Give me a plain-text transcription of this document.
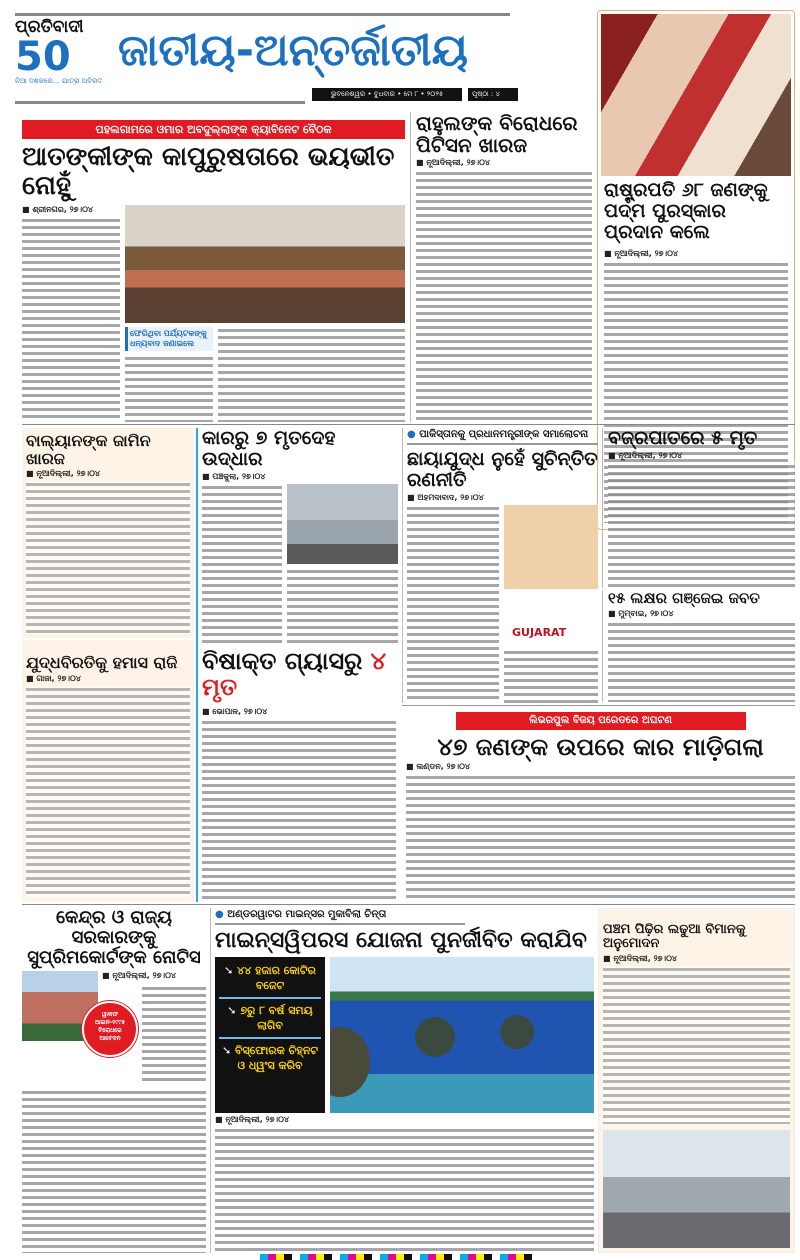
ପ୍ରତିବାଦୀ
50
ନିଆ ଦଶକରେ... ଯାତ୍ରା ଅବିରତ
ଜାତୀୟ-ଅନ୍ତର୍ଜାତୀୟ
ଭୁବନେଶ୍ୱର • ବୁଧବାର • ମେ ୮ • ୨୦୨୫	ପୃଷ୍ଠା : ୪
ରାଷ୍ଟ୍ରପତି ୬୮ ଜଣଙ୍କୁ ପଦ୍ମ ପୁରସ୍କାର ପ୍ରଦାନ କଲେ
■ ନୂଆଦିଲ୍ଲୀ, ୨୭।୦୪
ପହଲଗାମରେ ଓମାର ଅବଦୁଲ୍ଲାଙ୍କ କ୍ୟାବିନେଟ ବୈଠକ
ଆତଙ୍କୀଙ୍କ କାପୁରୁଷତାରେ ଭୟଭୀତ ନୋହୁଁ
■ ଶ୍ରୀନଗର, ୨୭।୦୪
ଫେରିଥିବା ପର୍ଯ୍ୟଟକଙ୍କୁ ଧନ୍ୟବାଦ ଜଣାଇଲେ
ରାହୁଲଙ୍କ ବିରୋଧରେ ପିଟିସନ ଖାରଜ
■ ନୂଆଦିଲ୍ଲୀ, ୨୭।୦୪
ବାଲ୍ୟାନଙ୍କ ଜାମିନ ଖାରଜ
■ ନୂଆଦିଲ୍ଲୀ, ୨୭।୦୪
ଯୁଦ୍ଧବିରତିକୁ ହମାସ ରାଜି
■ ଗାଜା, ୨୭।୦୪
କାରରୁ ୭ ମୃତଦେହ ଉଦ୍ଧାର
■ ପଞ୍ଚକୁଲା, ୨୭।୦୪
ବିଷାକ୍ତ ଗ୍ୟାସରୁ ୪ ମୃତ
■ ଭୋପାଳ, ୨୭।୦୪
● ପାକିସ୍ତାନକୁ ପ୍ରଧାନମନ୍ତ୍ରୀଙ୍କ ସମାଲୋଚନା
ଛାୟାଯୁଦ୍ଧ ନୁହେଁ ସୁଚିନ୍ତିତ ରଣନୀତି
■ ଅହମଦାବାଦ, ୨୭।୦୪
GUJARAT
ବଜ୍ରପାତରେ ୫ ମୃତ
■ ନୂଆଦିଲ୍ଲୀ, ୨୭।୦୪
୧୫ ଲକ୍ଷର ଗଞ୍ଜେଇ ଜବତ
■ ମୁମ୍ବାଇ, ୨୭।୦୪
ଲିଭରପୁଲ ବିଜୟ ପରେଡରେ ଅଘଟଣ
୪୭ ଜଣଙ୍କ ଉପରେ କାର ମାଡ଼ିଗଲା
■ ଲଣ୍ଡନ, ୨୭।୦୪
କେନ୍ଦ୍ର ଓ ରାଜ୍ୟ ସରକାରଙ୍କୁ ସୁପ୍ରିମକୋର୍ଟଙ୍କ ନୋଟିସ
■ ନୂଆଦିଲ୍ଲୀ, ୨୭।୦୪
ୱାକଫ ଆଇନ-୧୯୯୫ ବିରୋଧରେ ଆବେଦନ
● ଅଣ୍ଡରୱାଟର ମାଇନ୍ସର ମୁକାବିଲା ଚିନ୍ତା
ମାଇନ୍ସୱିପରସ ଯୋଜନା ପୁନର୍ଜୀବିତ କରାଯିବ
➘ ୪୪ ହଜାର କୋଟିର ବଜେଟ
➘ ୭ରୁ ୮ ବର୍ଷ ସମୟ ଲାଗିବ
➘ ବିସ୍ଫୋରକ ଚିହ୍ନଟ ଓ ଧ୍ୱଂସ କରିବ
■ ନୂଆଦିଲ୍ଲୀ, ୨୭।୦୪
ପଞ୍ଚମ ପିଢ଼ିର ଲଢୁଆ ବିମାନକୁ ଅନୁମୋଦନ
■ ନୂଆଦିଲ୍ଲୀ, ୨୭।୦୪
